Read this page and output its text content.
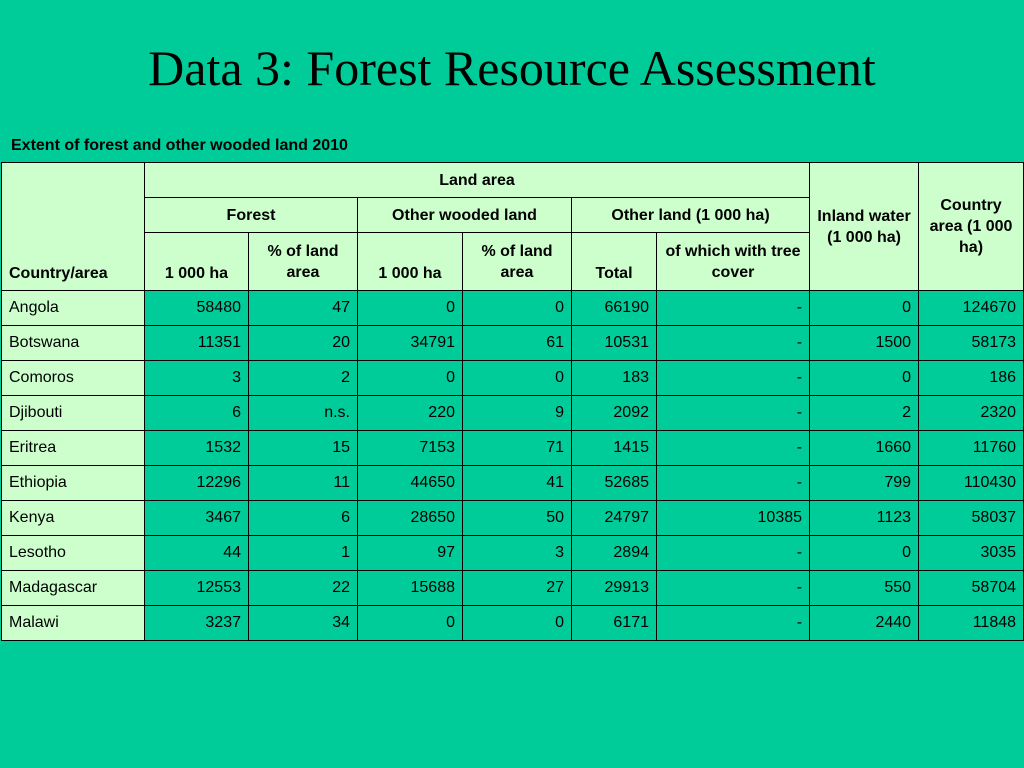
Data 3: Forest Resource Assessment
Extent of forest and other wooded land 2010
Country/area	Land area						Inland water (1 000 ha)	Country area (1 000 ha)
	Forest		Other wooded land		Other land (1 000 ha)			
	1 000 ha	% of land area	1 000 ha	% of land area	Total	of which with tree cover		
Angola	58480	47	0	0	66190	-	0	124670
Botswana	11351	20	34791	61	10531	-	1500	58173
Comoros	3	2	0	0	183	-	0	186
Djibouti	6	n.s.	220	9	2092	-	2	2320
Eritrea	1532	15	7153	71	1415	-	1660	11760
Ethiopia	12296	11	44650	41	52685	-	799	110430
Kenya	3467	6	28650	50	24797	10385	1123	58037
Lesotho	44	1	97	3	2894	-	0	3035
Madagascar	12553	22	15688	27	29913	-	550	58704
Malawi	3237	34	0	0	6171	-	2440	11848
